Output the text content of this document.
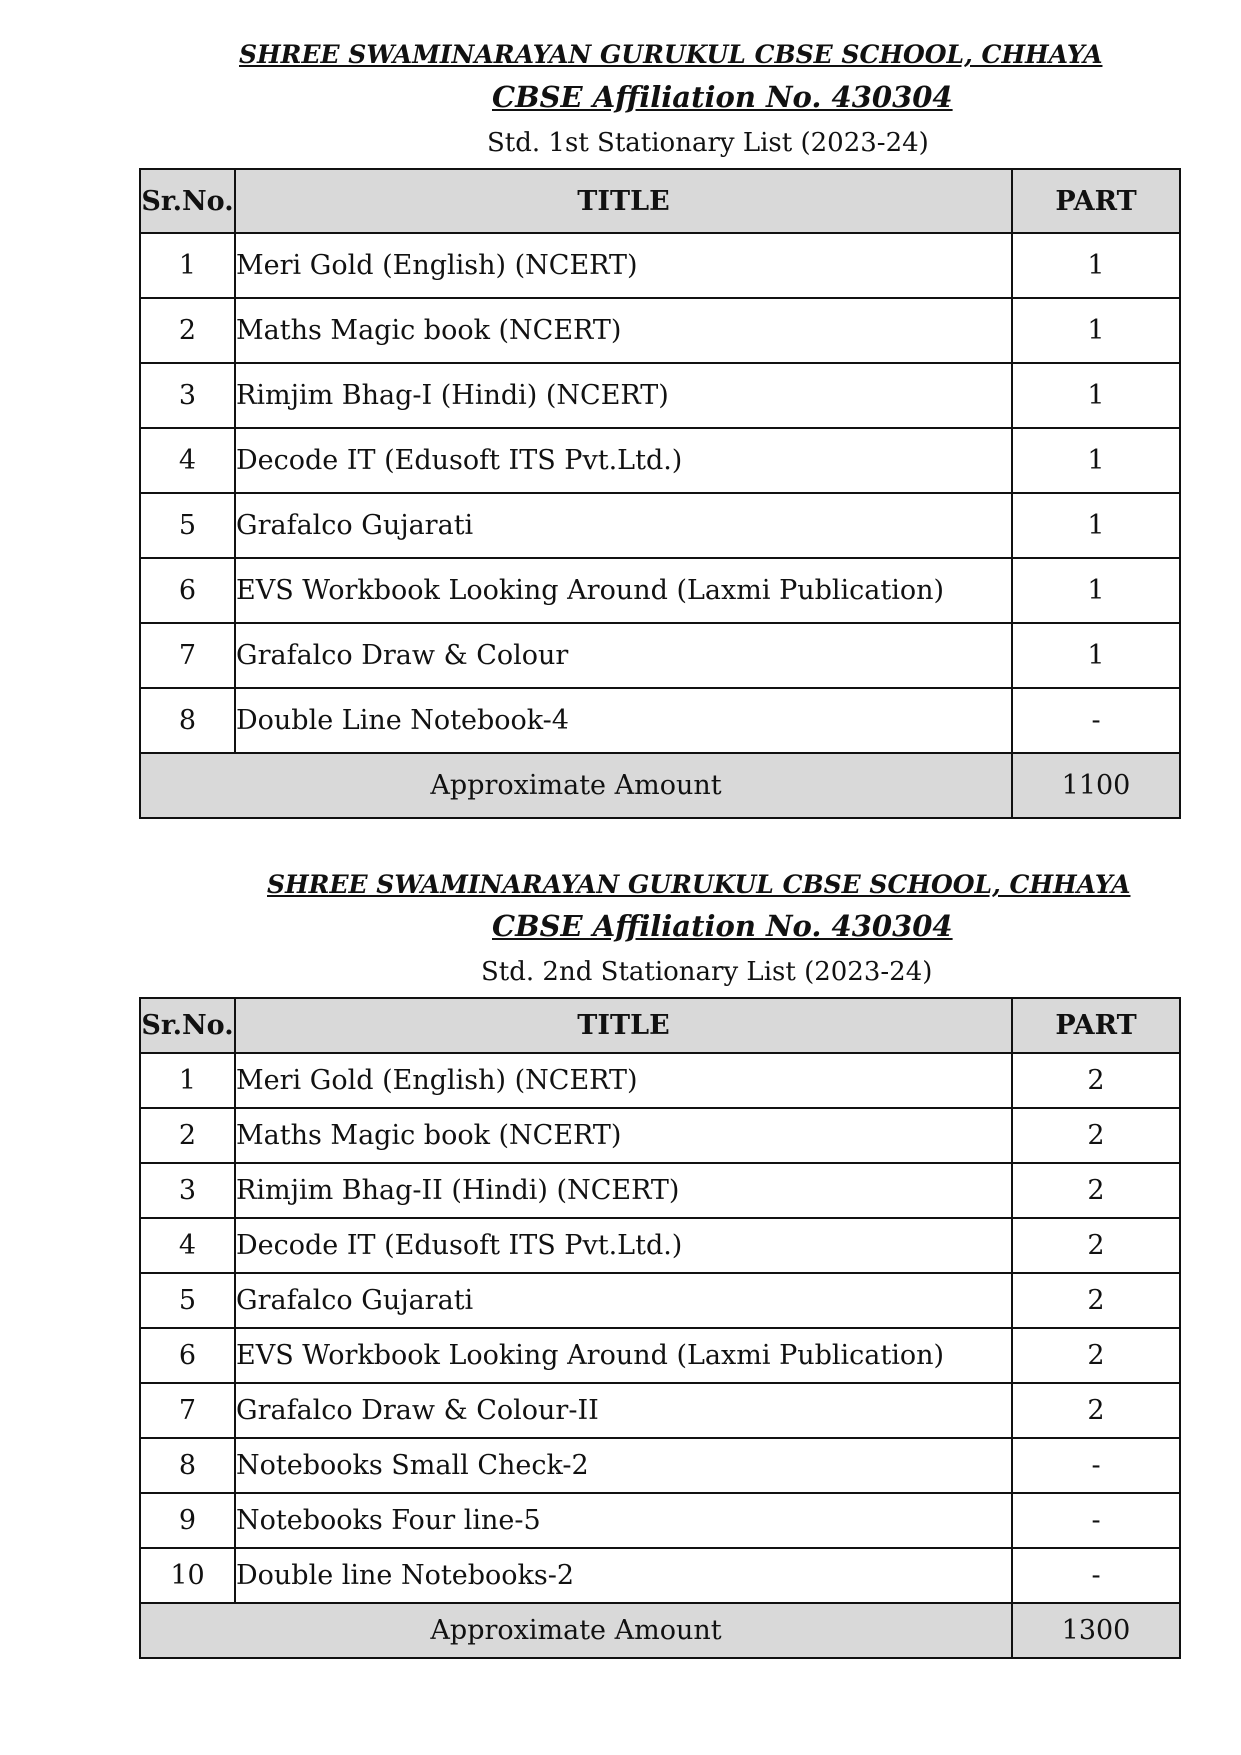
SHREE SWAMINARAYAN GURUKUL CBSE SCHOOL, CHHAYA
CBSE Affiliation No. 430304
Std. 1st Stationary List (2023-24)
Sr.No.	TITLE	PART
1	Meri Gold (English) (NCERT)	1
2	Maths Magic book (NCERT)	1
3	Rimjim Bhag-I (Hindi) (NCERT)	1
4	Decode IT (Edusoft ITS Pvt.Ltd.)	1
5	Grafalco Gujarati	1
6	EVS Workbook Looking Around (Laxmi Publication)	1
7	Grafalco Draw & Colour	1
8	Double Line Notebook-4	-
Approximate Amount		1100
SHREE SWAMINARAYAN GURUKUL CBSE SCHOOL, CHHAYA
CBSE Affiliation No. 430304
Std. 2nd Stationary List (2023-24)
Sr.No.	TITLE	PART
1	Meri Gold (English) (NCERT)	2
2	Maths Magic book (NCERT)	2
3	Rimjim Bhag-II (Hindi) (NCERT)	2
4	Decode IT (Edusoft ITS Pvt.Ltd.)	2
5	Grafalco Gujarati	2
6	EVS Workbook Looking Around (Laxmi Publication)	2
7	Grafalco Draw & Colour-II	2
8	Notebooks Small Check-2	-
9	Notebooks Four line-5	-
10	Double line Notebooks-2	-
Approximate Amount		1300
